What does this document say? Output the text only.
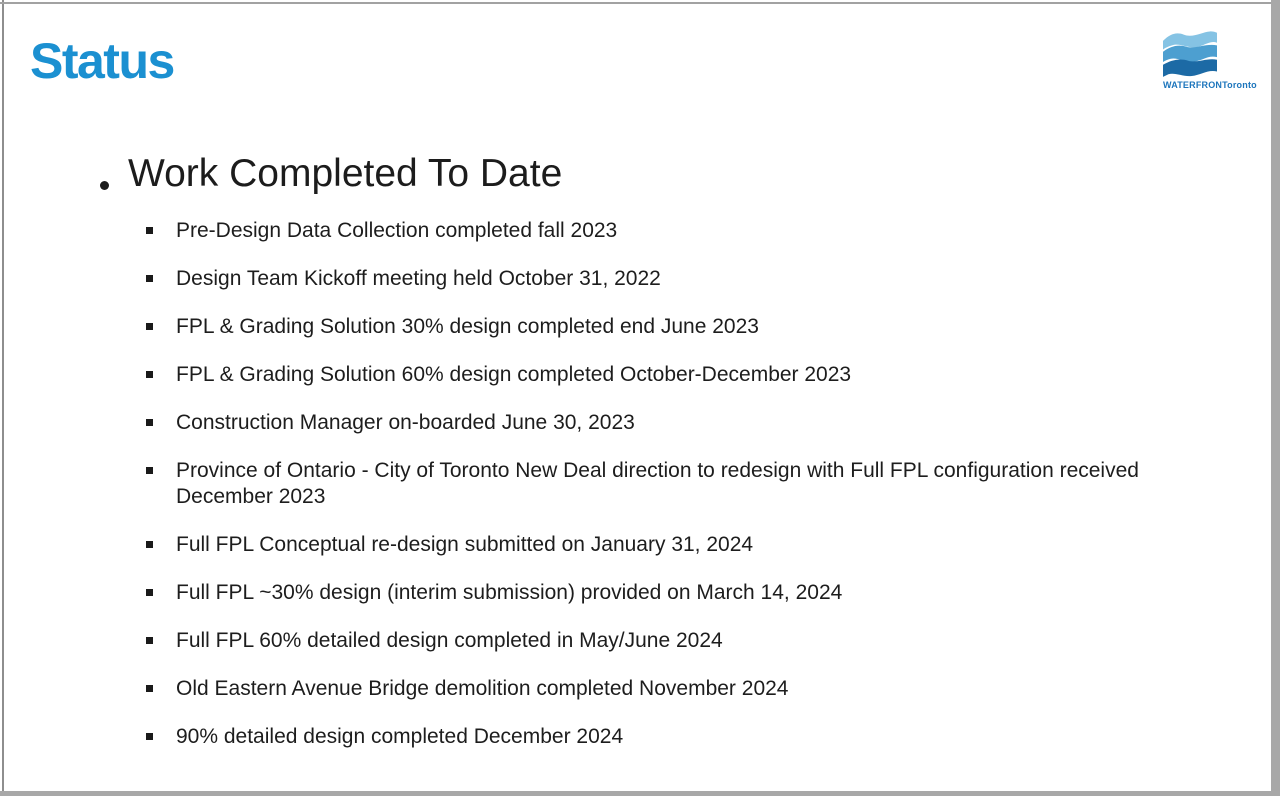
Status	WATERFRONToronto
Work Completed To Date
Pre-Design Data Collection completed fall 2023
Design Team Kickoff meeting held October 31, 2022
FPL & Grading Solution 30% design completed end June 2023
FPL & Grading Solution 60% design completed October-December 2023
Construction Manager on-boarded June 30, 2023
Province of Ontario - City of Toronto New Deal direction to redesign with Full FPL configuration received December 2023
Full FPL Conceptual re-design submitted on January 31, 2024
Full FPL ~30% design (interim submission) provided on March 14, 2024
Full FPL 60% detailed design completed in May/June 2024
Old Eastern Avenue Bridge demolition completed November 2024
90% detailed design completed December 2024
